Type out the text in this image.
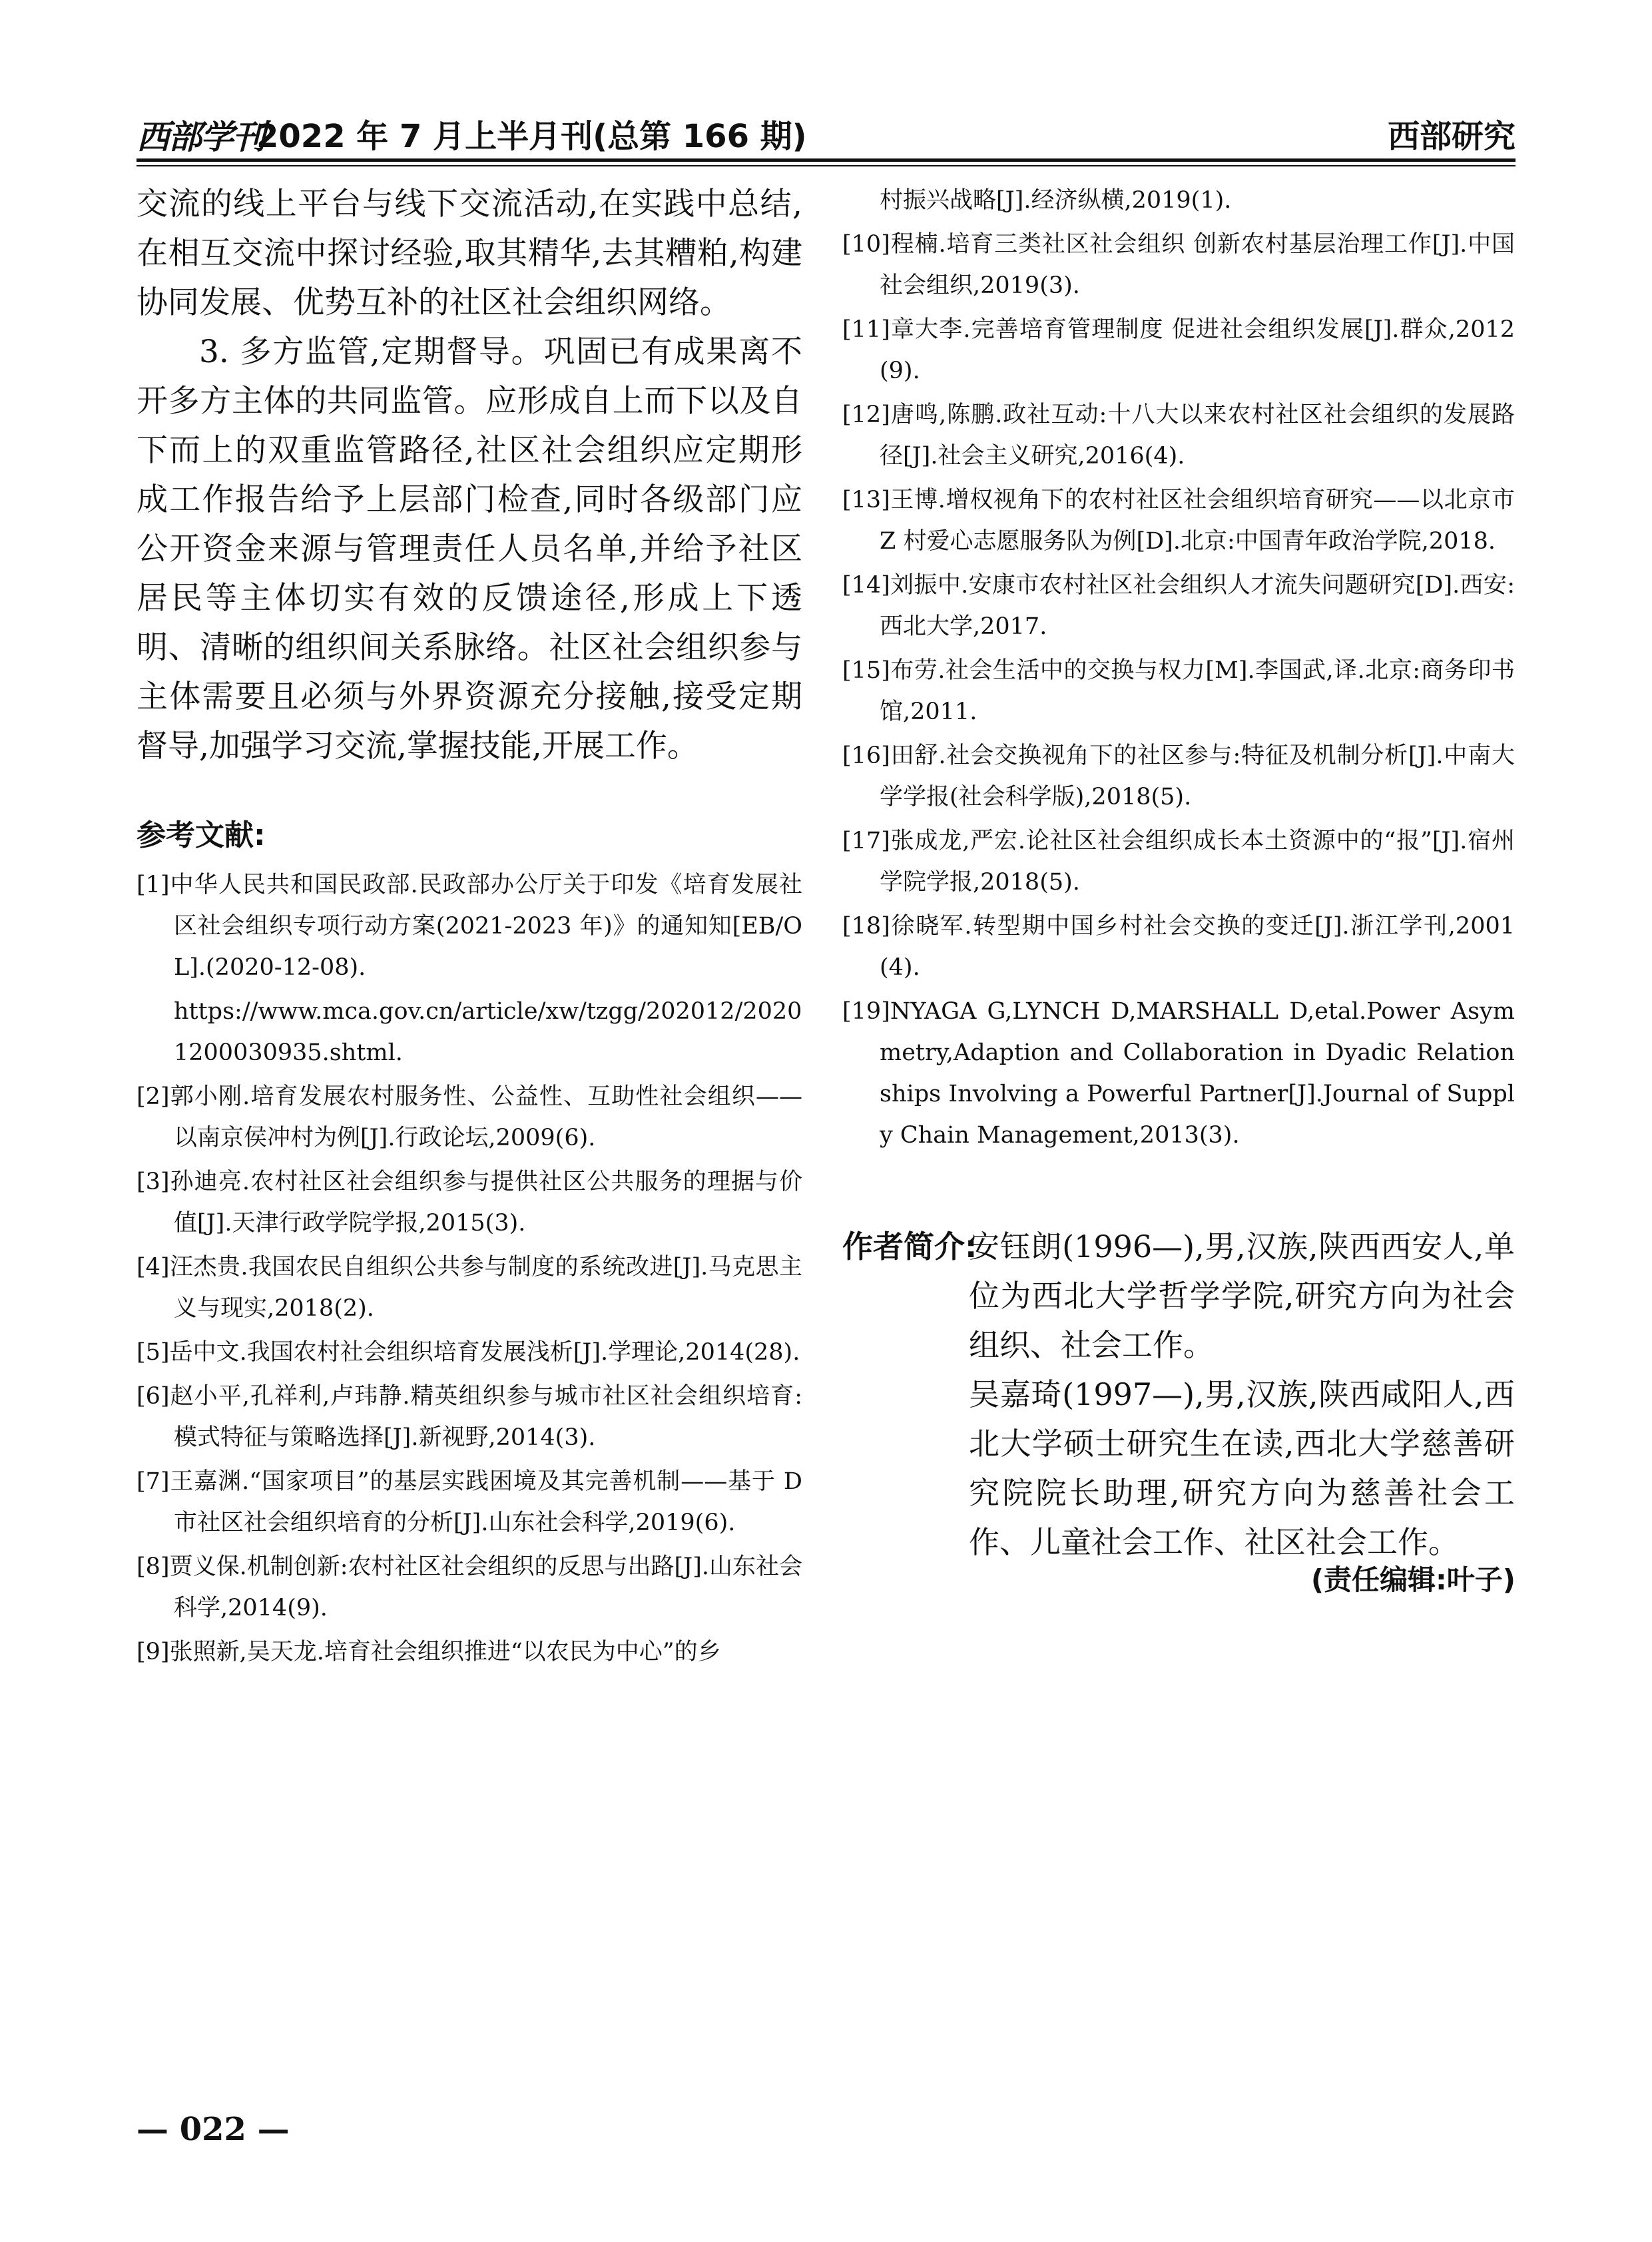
西部学刊
2022 年 7 月上半月刊(总第 166 期)	西部研究

交流的线上平台与线下交流活动,在实践中总结,在相互交流中探讨经验,取其精华,去其糟粕,构建协同发展、优势互补的社区社会组织网络。

3. 多方监管,定期督导。巩固已有成果离不开多方主体的共同监管。应形成自上而下以及自下而上的双重监管路径,社区社会组织应定期形成工作报告给予上层部门检查,同时各级部门应公开资金来源与管理责任人员名单,并给予社区居民等主体切实有效的反馈途径,形成上下透明、清晰的组织间关系脉络。社区社会组织参与主体需要且必须与外界资源充分接触,接受定期督导,加强学习交流,掌握技能,开展工作。

参考文献:

[1]中华人民共和国民政部.民政部办公厅关于印发《培育发展社区社会组织专项行动方案(2021-2023 年)》的通知知[EB/OL].(2020-12-08).

https://www.mca.gov.cn/article/xw/tzgg/202012/20201200030935.shtml.

[2]郭小刚.培育发展农村服务性、公益性、互助性社会组织——以南京侯冲村为例[J].行政论坛,2009(6).

[3]孙迪亮.农村社区社会组织参与提供社区公共服务的理据与价值[J].天津行政学院学报,2015(3).

[4]汪杰贵.我国农民自组织公共参与制度的系统改进[J].马克思主义与现实,2018(2).

[5]岳中文.我国农村社会组织培育发展浅析[J].学理论,2014(28).

[6]赵小平,孔祥利,卢玮静.精英组织参与城市社区社会组织培育:模式特征与策略选择[J].新视野,2014(3).

[7]王嘉渊.“国家项目”的基层实践困境及其完善机制——基于 D 市社区社会组织培育的分析[J].山东社会科学,2019(6).

[8]贾义保.机制创新:农村社区社会组织的反思与出路[J].山东社会科学,2014(9).

[9]张照新,吴天龙.培育社会组织推进“以农民为中心”的乡

村振兴战略[J].经济纵横,2019(1).

[10]程楠.培育三类社区社会组织 创新农村基层治理工作[J].中国社会组织,2019(3).

[11]章大李.完善培育管理制度 促进社会组织发展[J].群众,2012(9).

[12]唐鸣,陈鹏.政社互动:十八大以来农村社区社会组织的发展路径[J].社会主义研究,2016(4).

[13]王博.增权视角下的农村社区社会组织培育研究——以北京市 Z 村爱心志愿服务队为例[D].北京:中国青年政治学院,2018.

[14]刘振中.安康市农村社区社会组织人才流失问题研究[D].西安:西北大学,2017.

[15]布劳.社会生活中的交换与权力[M].李国武,译.北京:商务印书馆,2011.

[16]田舒.社会交换视角下的社区参与:特征及机制分析[J].中南大学学报(社会科学版),2018(5).

[17]张成龙,严宏.论社区社会组织成长本土资源中的“报”[J].宿州学院学报,2018(5).

[18]徐晓军.转型期中国乡村社会交换的变迁[J].浙江学刊,2001(4).

[19]NYAGA G,LYNCH D,MARSHALL D,etal.Power Asymmetry,Adaption and Collaboration in Dyadic Relationships Involving a Powerful Partner[J].Journal of Supply Chain Management,2013(3).

作者简介:

安钰朗(1996—),男,汉族,陕西西安人,单位为西北大学哲学学院,研究方向为社会组织、社会工作。

吴嘉琦(1997—),男,汉族,陕西咸阳人,西北大学硕士研究生在读,西北大学慈善研究院院长助理,研究方向为慈善社会工作、儿童社会工作、社区社会工作。

(责任编辑:叶子)
— 022 —
